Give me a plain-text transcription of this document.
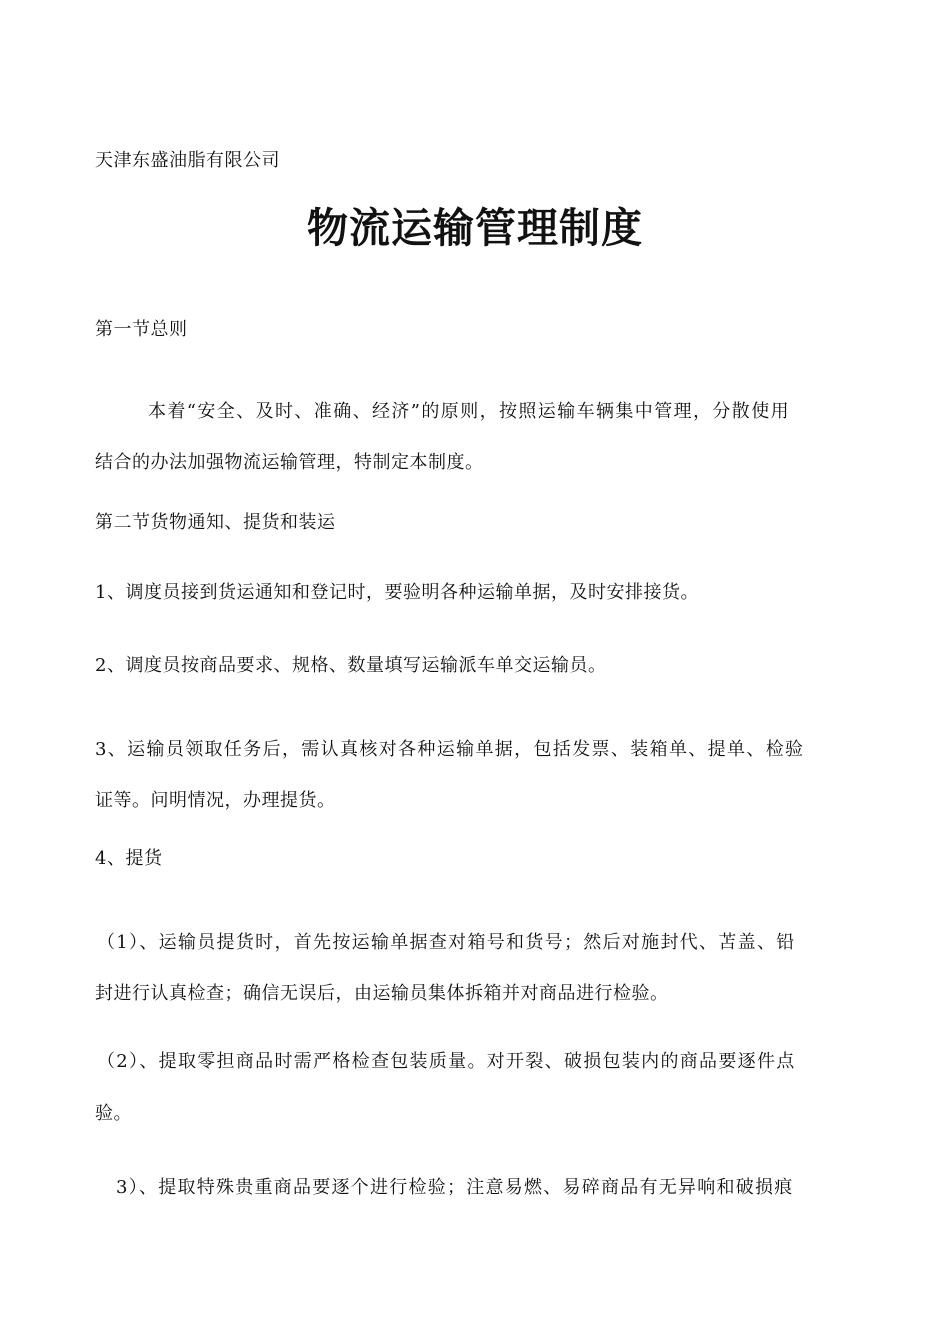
天津东盛油脂有限公司
物流运输管理制度
第一节总则
本着“安全、及时、准确、经济”的原则，按照运输车辆集中管理，分散使用
结合的办法加强物流运输管理，特制定本制度。
第二节货物通知、提货和装运
1、调度员接到货运通知和登记时，要验明各种运输单据，及时安排接货。
2、调度员按商品要求、规格、数量填写运输派车单交运输员。
3、运输员领取任务后，需认真核对各种运输单据，包括发票、装箱单、提单、检验
证等。问明情况，办理提货。
4、提货
（1）、运输员提货时，首先按运输单据查对箱号和货号；然后对施封代、苫盖、铅
封进行认真检查；确信无误后，由运输员集体拆箱并对商品进行检验。
（2）、提取零担商品时需严格检查包装质量。对开裂、破损包装内的商品要逐件点
验。
3）、提取特殊贵重商品要逐个进行检验；注意易燃、易碎商品有无异响和破损痕
